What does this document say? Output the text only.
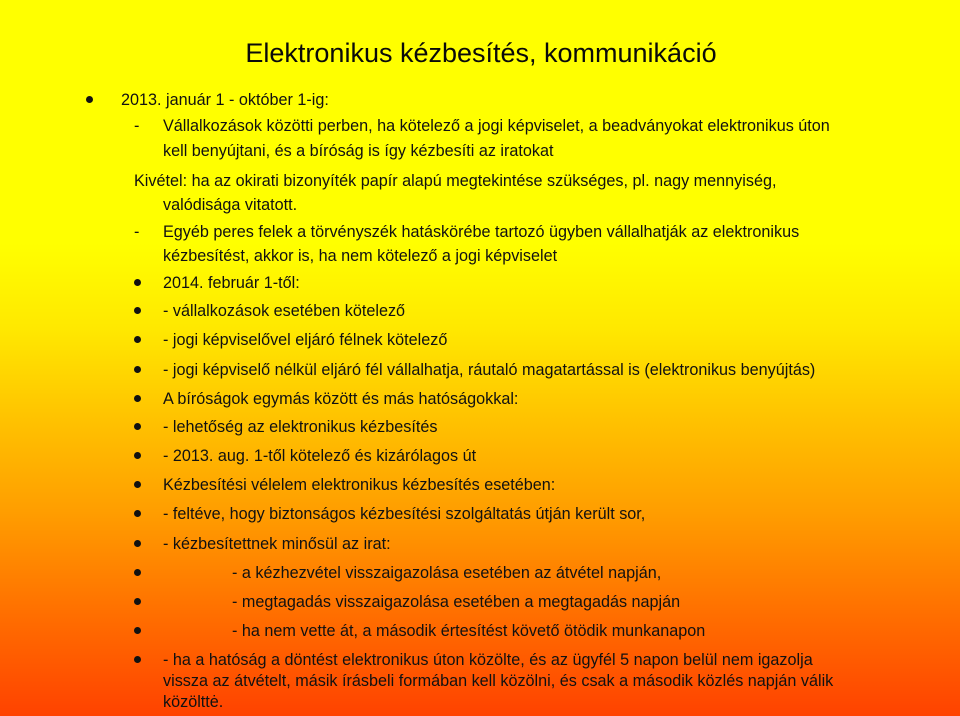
Elektronikus kézbesítés, kommunikáció
2013. január 1 - október 1-ig:
- Vállalkozások közötti perben, ha kötelező a jogi képviselet, a beadványokat elektronikus úton
kell benyújtani, és a bíróság is így kézbesíti az iratokat
Kivétel: ha az okirati bizonyíték papír alapú megtekintése szükséges, pl. nagy mennyiség,
valódisága vitatott.
- Egyéb peres felek a törvényszék hatáskörébe tartozó ügyben vállalhatják az elektronikus
kézbesítést, akkor is, ha nem kötelező a jogi képviselet
2014. február 1-től:
- vállalkozások esetében kötelező
- jogi képviselővel eljáró félnek kötelező
- jogi képviselő nélkül eljáró fél vállalhatja, ráutaló magatartással is (elektronikus benyújtás)
A bíróságok egymás között és más hatóságokkal:
- lehetőség az elektronikus kézbesítés
- 2013. aug. 1-től kötelező és kizárólagos út
Kézbesítési vélelem elektronikus kézbesítés esetében:
- feltéve, hogy biztonságos kézbesítési szolgáltatás útján került sor,
- kézbesítettnek minősül az irat:
- a kézhezvétel visszaigazolása esetében az átvétel napján,
- megtagadás visszaigazolása esetében a megtagadás napján
- ha nem vette át, a második értesítést követő ötödik munkanapon
- ha a hatóság a döntést elektronikus úton közölte, és az ügyfél 5 napon belül nem igazolja
vissza az átvételt, másik írásbeli formában kell közölni, és csak a második közlés napján válik
közölttė.
